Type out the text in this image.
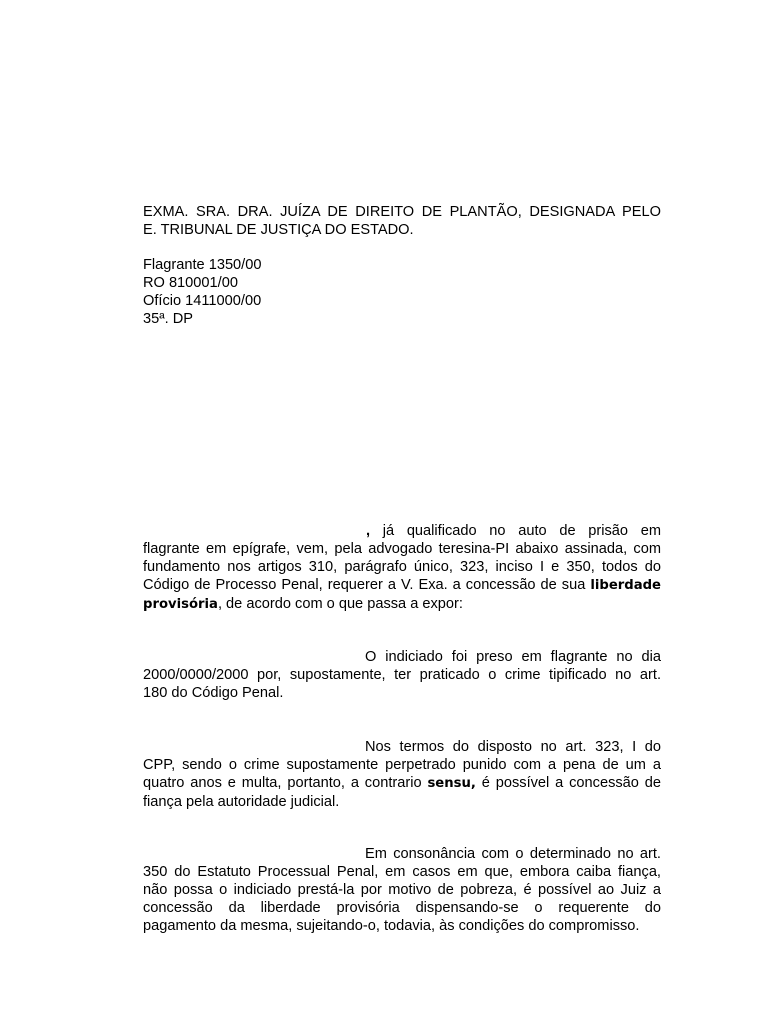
EXMA. SRA. DRA. JUÍZA DE DIREITO DE PLANTÃO, DESIGNADA PELO
E. TRIBUNAL DE JUSTIÇA DO ESTADO.
Flagrante 1350/00
RO 810001/00
Ofício 1411000/00
35ª. DP
, já qualificado no auto de prisão em
flagrante em epígrafe, vem, pela advogado teresina-PI abaixo assinada, com
fundamento nos artigos 310, parágrafo único, 323, inciso I e 350, todos do
Código de Processo Penal, requerer a V. Exa. a concessão de sua liberdade
provisória, de acordo com o que passa a expor:
O indiciado foi preso em flagrante no dia
2000/0000/2000 por, supostamente, ter praticado o crime tipificado no art.
180 do Código Penal.
Nos termos do disposto no art. 323, I do
CPP, sendo o crime supostamente perpetrado punido com a pena de um a
quatro anos e multa, portanto, a contrario sensu, é possível a concessão de
fiança pela autoridade judicial.
Em consonância com o determinado no art.
350 do Estatuto Processual Penal, em casos em que, embora caiba fiança,
não possa o indiciado prestá-la por motivo de pobreza, é possível ao Juiz a
concessão da liberdade provisória dispensando-se o requerente do
pagamento da mesma, sujeitando-o, todavia, às condições do compromisso.
